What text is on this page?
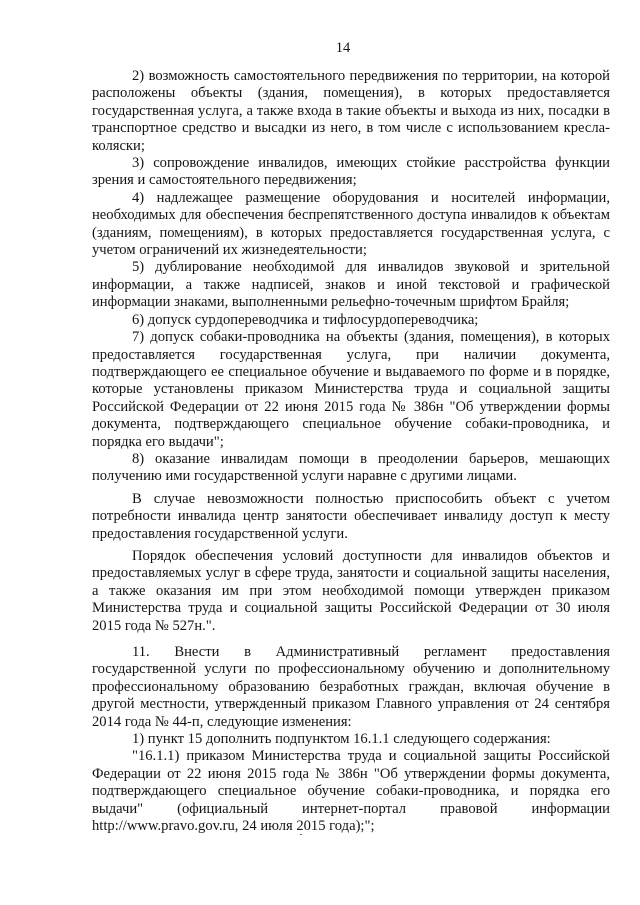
14

2) возможность самостоятельного передвижения по территории, на которой расположены объекты (здания, помещения), в которых предоставляется государственная услуга, а также входа в такие объекты и выхода из них, посадки в транспортное средство и высадки из него, в том числе с использованием кресла-коляски;

3) сопровождение инвалидов, имеющих стойкие расстройства функции зрения и самостоятельного передвижения;

4) надлежащее размещение оборудования и носителей информации, необходимых для обеспечения беспрепятственного доступа инвалидов к объектам (зданиям, помещениям), в которых предоставляется государственная услуга, с учетом ограничений их жизнедеятельности;

5) дублирование необходимой для инвалидов звуковой и зрительной информации, а также надписей, знаков и иной текстовой и графической информации знаками, выполненными рельефно-точечным шрифтом Брайля;

6) допуск сурдопереводчика и тифлосурдопереводчика;

7) допуск собаки-проводника на объекты (здания, помещения), в которых предоставляется государственная услуга, при наличии документа, подтверждающего ее специальное обучение и выдаваемого по форме и в порядке, которые установлены приказом Министерства труда и социальной защиты Российской Федерации от 22 июня 2015 года № 386н "Об утверждении формы документа, подтверждающего специальное обучение собаки-проводника, и порядка его выдачи";

8) оказание инвалидам помощи в преодолении барьеров, мешающих получению ими государственной услуги наравне с другими лицами.

В случае невозможности полностью приспособить объект с учетом потребности инвалида центр занятости обеспечивает инвалиду доступ к месту предоставления государственной услуги.

Порядок обеспечения условий доступности для инвалидов объектов и предоставляемых услуг в сфере труда, занятости и социальной защиты населения, а также оказания им при этом необходимой помощи утвержден приказом Министерства труда и социальной защиты Российской Федерации от 30 июля 2015 года № 527н.".

11. Внести в Административный регламент предоставления государственной услуги по профессиональному обучению и дополнительному профессиональному образованию безработных граждан, включая обучение в другой местности, утвержденный приказом Главного управления от 24 сентября 2014 года № 44-п, следующие изменения:

1) пункт 15 дополнить подпунктом 16.1.1 следующего содержания:

"16.1.1) приказом Министерства труда и социальной защиты Российской Федерации от 22 июня 2015 года № 386н "Об утверждении формы документа, подтверждающего специальное обучение собаки-проводника, и порядка его выдачи" (официальный интернет-портал правовой информации http://www.pravo.gov.ru, 24 июля 2015 года);";
